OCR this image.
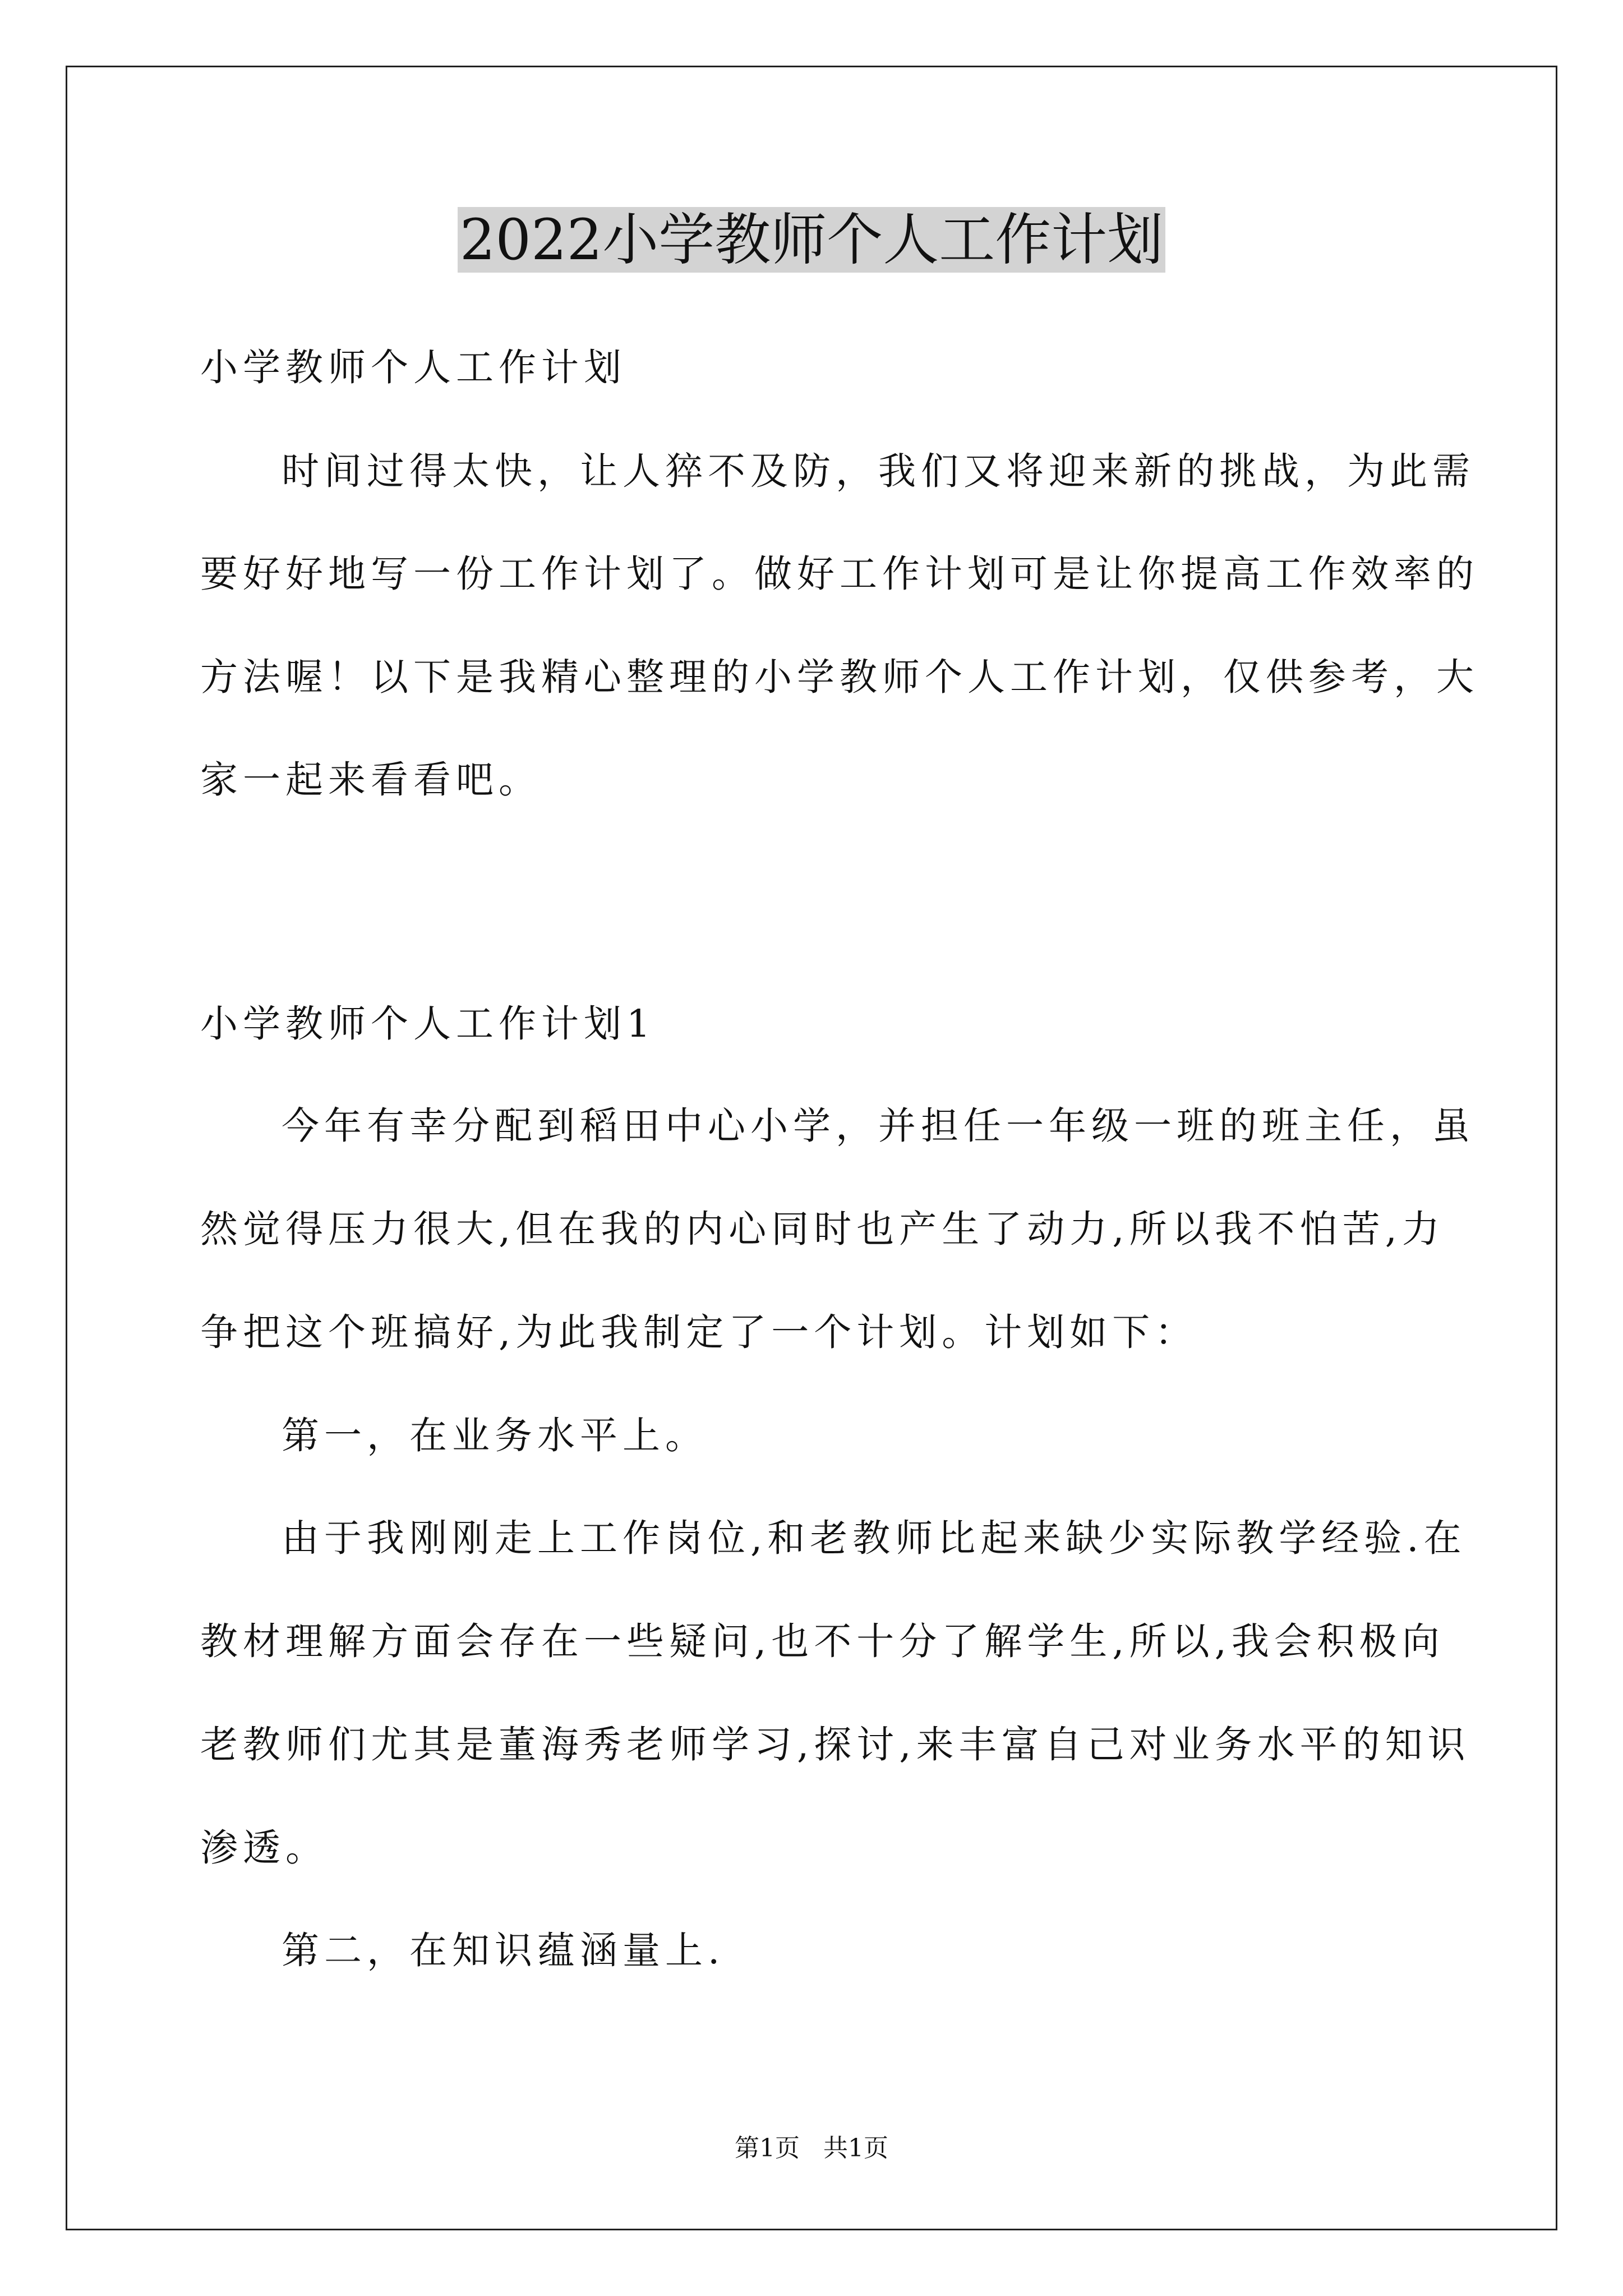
2022小学教师个人工作计划
小学教师个人工作计划
时间过得太快，让人猝不及防，我们又将迎来新的挑战，为此需
要好好地写一份工作计划了。做好工作计划可是让你提高工作效率的
方法喔！以下是我精心整理的小学教师个人工作计划，仅供参考，大
家一起来看看吧。
小学教师个人工作计划1
今年有幸分配到稻田中心小学，并担任一年级一班的班主任，虽
然觉得压力很大,但在我的内心同时也产生了动力,所以我不怕苦,力
争把这个班搞好,为此我制定了一个计划。计划如下：
第一，在业务水平上。
由于我刚刚走上工作岗位,和老教师比起来缺少实际教学经验.在
教材理解方面会存在一些疑问,也不十分了解学生,所以,我会积极向
老教师们尤其是董海秀老师学习,探讨,来丰富自己对业务水平的知识
渗透。
第二，在知识蕴涵量上.
第1页   共1页
